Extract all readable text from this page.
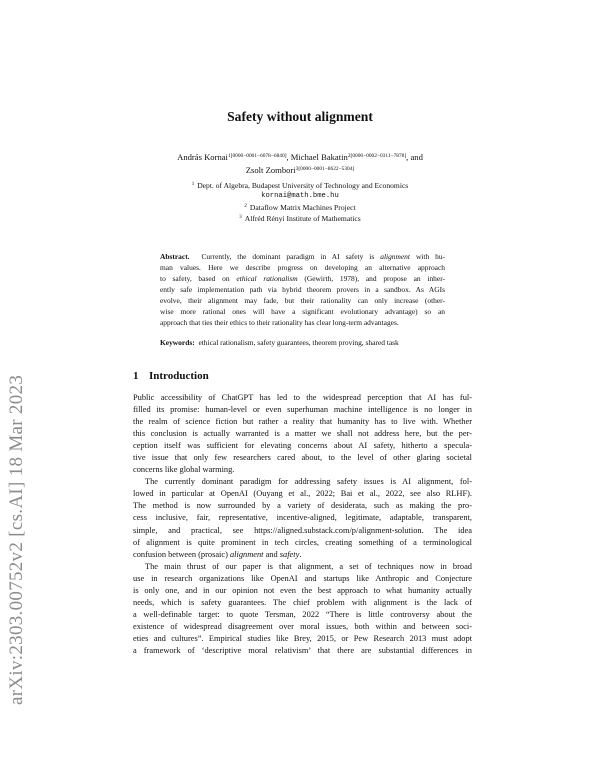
arXiv:2303.00752v2 [cs.AI] 18 Mar 2023
Safety without alignment
András Kornai$^{1[0000-0001-6078-6840]}$, Michael Bakatin$^{2[0000-0002-0311-7878]}$, and
Zsolt Zombori$^{3[0000-0001-8622-5304]}$
$^1$ Dept. of Algebra, Budapest University of Technology and Economics
kornai@math.bme.hu
$^2$ Dataflow Matrix Machines Project
$^3$ Alfréd Rényi Institute of Mathematics
Abstract. Currently, the dominant paradigm in AI safety is alignment with hu-
man values. Here we describe progress on developing an alternative approach
to safety, based on ethical rationalism (Gewirth, 1978), and propose an inher-
ently safe implementation path via hybrid theorem provers in a sandbox. As AGIs
evolve, their alignment may fade, but their rationality can only increase (other-
wise more rational ones will have a significant evolutionary advantage) so an
approach that ties their ethics to their rationality has clear long-term advantages.
Keywords: ethical rationalism, safety guarantees, theorem proving, shared task
1 Introduction
Public accessibility of ChatGPT has led to the widespread perception that AI has ful-
filled its promise: human-level or even superhuman machine intelligence is no longer in
the realm of science fiction but rather a reality that humanity has to live with. Whether
this conclusion is actually warranted is a matter we shall not address here, but the per-
ception itself was sufficient for elevating concerns about AI safety, hitherto a specula-
tive issue that only few researchers cared about, to the level of other glaring societal
concerns like global warming.
The currently dominant paradigm for addressing safety issues is AI alignment, fol-
lowed in particular at OpenAI (Ouyang et al., 2022; Bai et al., 2022, see also RLHF).
The method is now surrounded by a variety of desiderata, such as making the pro-
cess inclusive, fair, representative, incentive-aligned, legitimate, adaptable, transparent,
simple, and practical, see https://aligned.substack.com/p/alignment-solution. The idea
of alignment is quite prominent in tech circles, creating something of a terminological
confusion between (prosaic) alignment and safety.
The main thrust of our paper is that alignment, a set of techniques now in broad
use in research organizations like OpenAI and startups like Anthropic and Conjecture
is only one, and in our opinion not even the best approach to what humanity actually
needs, which is safety guarantees. The chief problem with alignment is the lack of
a well-definable target: to quote Tersman, 2022 “There is little controversy about the
existence of widespread disagreement over moral issues, both within and between soci-
eties and cultures”. Empirical studies like Brey, 2015, or Pew Research 2013 must adopt
a framework of ‘descriptive moral relativism’ that there are substantial differences in
